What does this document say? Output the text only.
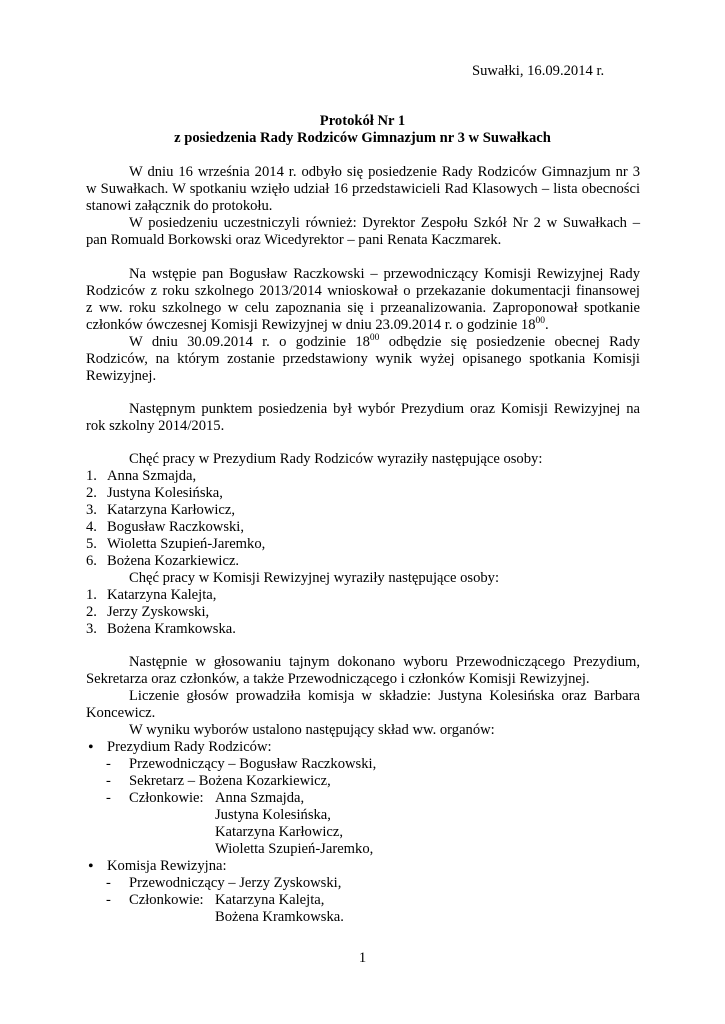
Suwałki, 16.09.2014 r.
Protokół Nr 1
z posiedzenia Rady Rodziców Gimnazjum nr 3 w Suwałkach
W dniu 16 września 2014 r. odbyło się posiedzenie Rady Rodziców Gimnazjum nr 3
w Suwałkach. W spotkaniu wzięło udział 16 przedstawicieli Rad Klasowych – lista obecności
stanowi załącznik do protokołu.
W posiedzeniu uczestniczyli również: Dyrektor Zespołu Szkół Nr 2 w Suwałkach –
pan Romuald Borkowski oraz Wicedyrektor – pani Renata Kaczmarek.
Na wstępie pan Bogusław Raczkowski – przewodniczący Komisji Rewizyjnej Rady
Rodziców z roku szkolnego 2013/2014 wnioskował o przekazanie dokumentacji finansowej
z ww. roku szkolnego w celu zapoznania się i przeanalizowania. Zaproponował spotkanie
członków ówczesnej Komisji Rewizyjnej w dniu 23.09.2014 r. o godzinie $18^{00}$.
W dniu 30.09.2014 r. o godzinie $18^{00}$ odbędzie się posiedzenie obecnej Rady
Rodziców, na którym zostanie przedstawiony wynik wyżej opisanego spotkania Komisji
Rewizyjnej.
Następnym punktem posiedzenia był wybór Prezydium oraz Komisji Rewizyjnej na
rok szkolny 2014/2015.
Chęć pracy w Prezydium Rady Rodziców wyraziły następujące osoby:
1. Anna Szmajda,
2. Justyna Kolesińska,
3. Katarzyna Karłowicz,
4. Bogusław Raczkowski,
5. Wioletta Szupień-Jaremko,
6. Bożena Kozarkiewicz.
Chęć pracy w Komisji Rewizyjnej wyraziły następujące osoby:
1. Katarzyna Kalejta,
2. Jerzy Zyskowski,
3. Bożena Kramkowska.
Następnie w głosowaniu tajnym dokonano wyboru Przewodniczącego Prezydium,
Sekretarza oraz członków, a także Przewodniczącego i członków Komisji Rewizyjnej.
Liczenie głosów prowadziła komisja w składzie: Justyna Kolesińska oraz Barbara
Koncewicz.
W wyniku wyborów ustalono następujący skład ww. organów:
• Prezydium Rady Rodziców:
- Przewodniczący – Bogusław Raczkowski,
- Sekretarz – Bożena Kozarkiewicz,
- Członkowie: Anna Szmajda,
Justyna Kolesińska,
Katarzyna Karłowicz,
Wioletta Szupień-Jaremko,
• Komisja Rewizyjna:
- Przewodniczący – Jerzy Zyskowski,
- Członkowie: Katarzyna Kalejta,
Bożena Kramkowska.
1
